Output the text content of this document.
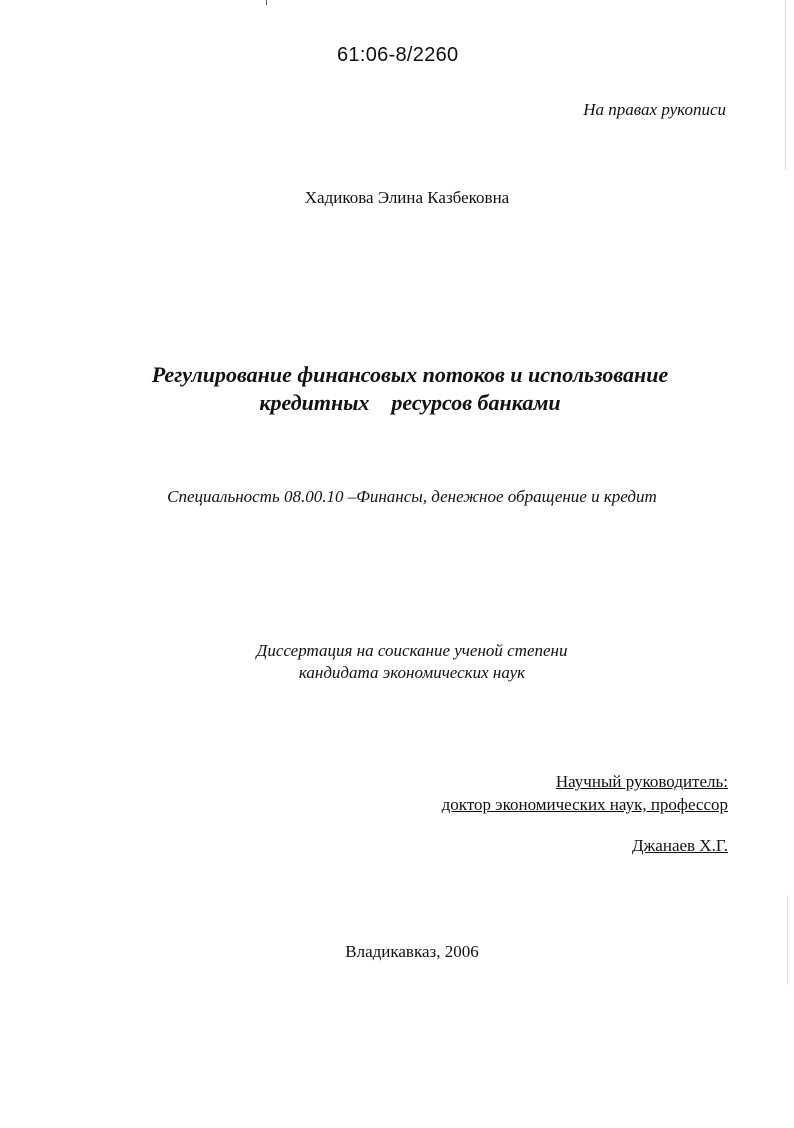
61:06-8/2260
На правах рукописи
Хадикова Элина Казбековна
Регулирование финансовых потоков и использование
кредитных    ресурсов банками
Специальность 08.00.10 –Финансы, денежное обращение и кредит
Диссертация на соискание ученой степени
кандидата экономических наук
Научный руководитель:
доктор экономических наук, профессор
Джанаев Х.Г.
Владикавказ, 2006
